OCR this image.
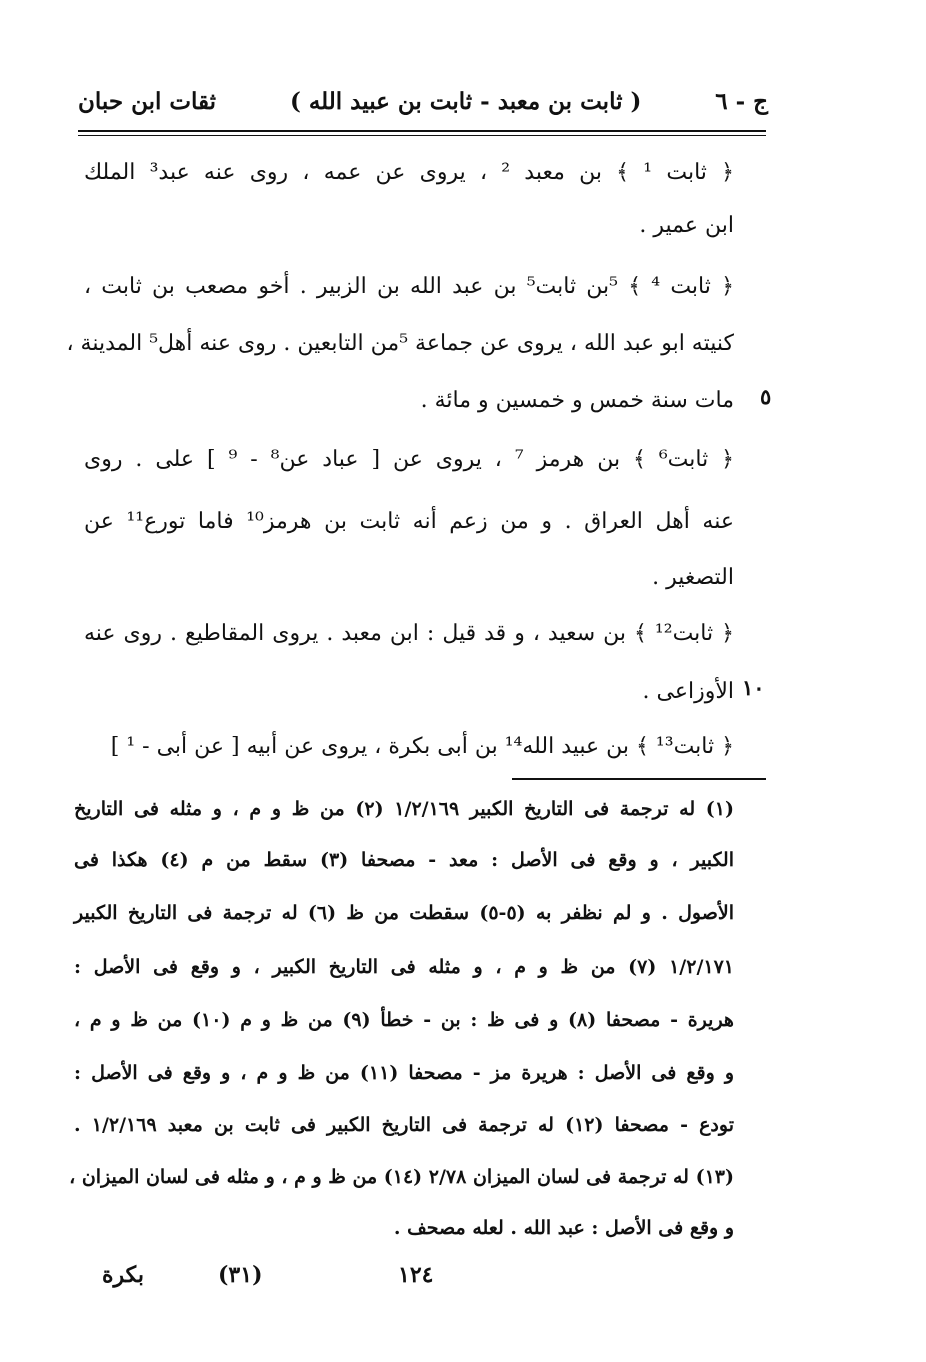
ثقات ابن حبان	( ثابت بن معبد - ثابت بن عبيد الله )	ج - ٦
﴿ ثابت ¹ ﴾ بن معبد ² ، يروى عن عمه ، روى عنه عبد³ الملك
ابن عمير .
﴿ ثابت ⁴ ﴾ ⁵بن ثابت⁵ بن عبد الله بن الزبير . أخو مصعب بن ثابت ،
كنيته ابو عبد الله ، يروى عن جماعة ⁵من التابعين . روى عنه أهل⁵ المدينة ،
مات سنة خمس و خمسين و مائة .
﴿ ثابت⁶ ﴾ بن هرمز ⁷ ، يروى عن [ عباد عن⁸ - ⁹ ] على . روى
عنه أهل العراق . و من زعم أنه ثابت بن هرمز¹⁰ فاما تورع¹¹ عن
التصغير .
﴿ ثابت¹² ﴾ بن سعيد ، و قد قيل : ابن معبد . يروى المقاطيع . روى عنه
الأوزاعى .
﴿ ثابت¹³ ﴾ بن عبيد الله¹⁴ بن أبى بكرة ، يروى عن أبيه [ عن أبى - ¹ ]
٥
١٠
(١) له ترجمة فى التاريخ الكبير ١/٢/١٦٩ (٢) من ظ و م ، و مثله فى التاريخ
الكبير ، و وقع فى الأصل : معد - مصحفا (٣) سقط من م (٤) هكذا فى
الأصول . و لم نظفر به (٥-٥) سقطت من ظ (٦) له ترجمة فى التاريخ الكبير
١/٢/١٧١ (٧) من ظ و م ، و مثله فى التاريخ الكبير ، و وقع فى الأصل :
هريرة - مصحفا (٨) و فى ظ : بن - خطأ (٩) من ظ و م (١٠) من ظ و م ،
و وقع فى الأصل : هريرة مز - مصحفا (١١) من ظ و م ، و وقع فى الأصل :
تودع - مصحفا (١٢) له ترجمة فى التاريخ الكبير فى ثابت بن معبد ١/٢/١٦٩ .
(١٣) له ترجمة فى لسان الميزان ٢/٧٨ (١٤) من ظ و م ، و مثله فى لسان الميزان ،
و وقع فى الأصل : عبد الله . لعله مصحف .
بكرة	(٣١)	١٢٤
